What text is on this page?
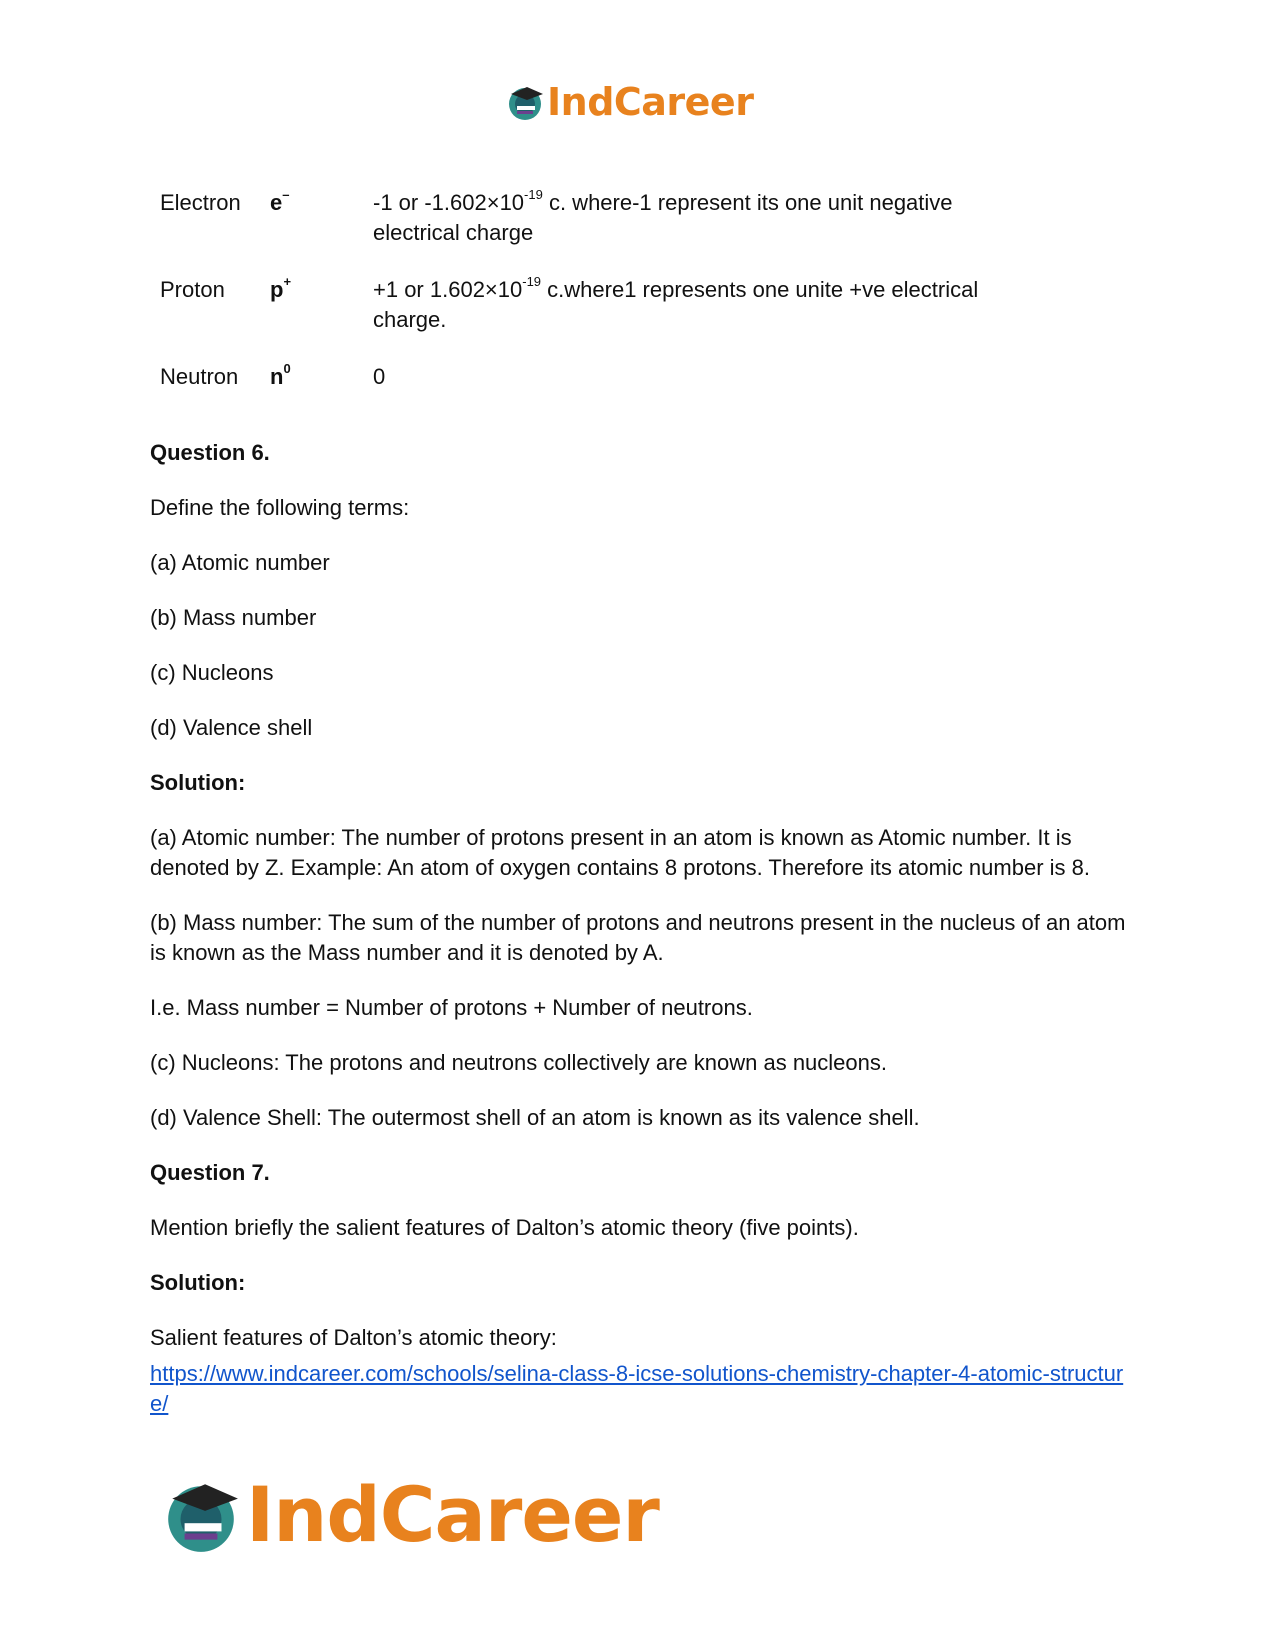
IndCareer
Electron e–	-1 or $-1.602\times 10^{-19}$ c. where-1 represent its one unit negative electrical charge
Proton p+	+1 or $1.602\times 10^{-19}$ c.where1 represents one unite +ve electrical charge.
Neutron $n^0$	0

Question 6.

Define the following terms:

(a) Atomic number

(b) Mass number

(c) Nucleons

(d) Valence shell

Solution:

(a) Atomic number: The number of protons present in an atom is known as Atomic number. It is denoted by Z. Example: An atom of oxygen contains 8 protons. Therefore its atomic number is 8.

(b) Mass number: The sum of the number of protons and neutrons present in the nucleus of an atom is known as the Mass number and it is denoted by A.

I.e. Mass number = Number of protons + Number of neutrons.

(c) Nucleons: The protons and neutrons collectively are known as nucleons.

(d) Valence Shell: The outermost shell of an atom is known as its valence shell.

Question 7.

Mention briefly the salient features of Dalton’s atomic theory (five points).

Solution:

Salient features of Dalton’s atomic theory:

https://www.indcareer.com/schools/selina-class-8-icse-solutions-chemistry-chapter-4-atomic-structure/
IndCareer
